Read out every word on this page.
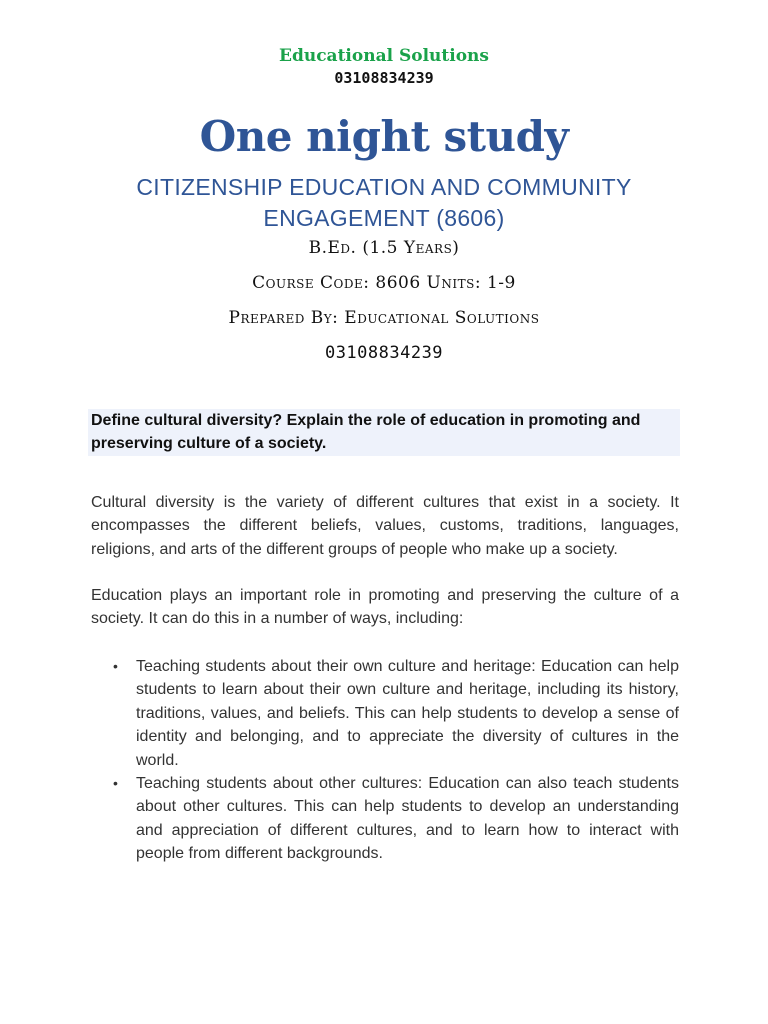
Educational Solutions
03108834239
One night study
CITIZENSHIP EDUCATION AND COMMUNITY ENGAGEMENT (8606)
B.Ed. (1.5 Years)
Course Code: 8606 Units: 1-9
Prepared By: Educational Solutions
03108834239
Define cultural diversity? Explain the role of education in promoting and preserving culture of a society.

Cultural diversity is the variety of different cultures that exist in a society. It encompasses the different beliefs, values, customs, traditions, languages, religions, and arts of the different groups of people who make up a society.

Education plays an important role in promoting and preserving the culture of a society. It can do this in a number of ways, including:

• Teaching students about their own culture and heritage: Education can help students to learn about their own culture and heritage, including its history, traditions, values, and beliefs. This can help students to develop a sense of identity and belonging, and to appreciate the diversity of cultures in the world.
• Teaching students about other cultures: Education can also teach students about other cultures. This can help students to develop an understanding and appreciation of different cultures, and to learn how to interact with people from different backgrounds.
